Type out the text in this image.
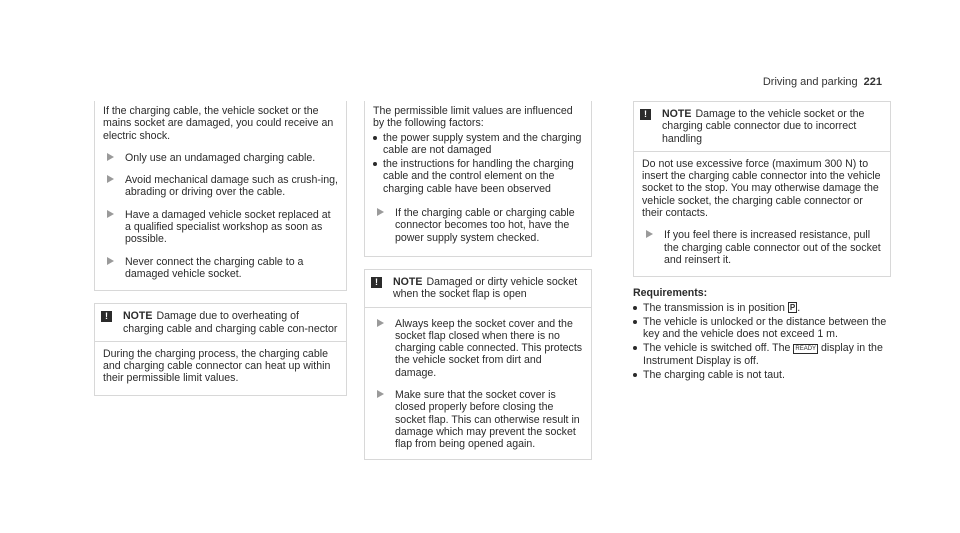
Driving and parking 221

If the charging cable, the vehicle socket or the mains socket are damaged, you could receive an electric shock.

Only use an undamaged charging cable.
Avoid mechanical damage such as crush-ing, abrading or driving over the cable.
Have a damaged vehicle socket replaced at a qualified specialist workshop as soon as possible.
Never connect the charging cable to a damaged vehicle socket.
!	NOTE Damage due to overheating of charging cable and charging cable con-nector

During the charging process, the charging cable and charging cable connector can heat up within their permissible limit values.

The permissible limit values are influenced by the following factors:

the power supply system and the charging cable are not damaged
the instructions for handling the charging cable and the control element on the charging cable have been observed
If the charging cable or charging cable connector becomes too hot, have the power supply system checked.
!	NOTE Damaged or dirty vehicle socket when the socket flap is open
Always keep the socket cover and the socket flap closed when there is no charging cable connected. This protects the vehicle socket from dirt and damage.
Make sure that the socket cover is closed properly before closing the socket flap. This can otherwise result in damage which may prevent the socket flap from being opened again.
!	NOTE Damage to the vehicle socket or the charging cable connector due to incorrect handling

Do not use excessive force (maximum 300 N) to insert the charging cable connector into the vehicle socket to the stop. You may otherwise damage the vehicle socket, the charging cable connector or their contacts.

If you feel there is increased resistance, pull the charging cable connector out of the socket and reinsert it.

Requirements:

The transmission is in position P .
The vehicle is unlocked or the distance between the key and the vehicle does not exceed 1 m.
The vehicle is switched off. The READY display in the Instrument Display is off.
The charging cable is not taut.
